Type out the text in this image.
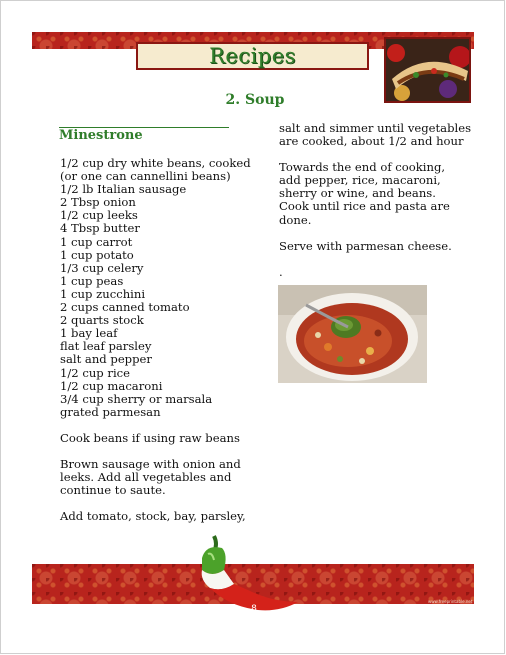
Recipes
2. Soup
Minestrone
1/2 cup dry white beans, cooked
(or one can cannellini beans)
1/2 lb Italian sausage
2 Tbsp onion
1/2 cup leeks
4 Tbsp butter
1 cup carrot
1 cup potato
1/3 cup celery
1 cup peas
1 cup zucchini
2 cups canned tomato
2 quarts stock
1 bay leaf
flat leaf parsley
salt and pepper
1/2 cup rice
1/2 cup macaroni
3/4 cup sherry or marsala
grated parmesan
Cook beans if using raw beans
Brown sausage with onion and
leeks. Add all vegetables and
continue to saute.
Add tomato, stock, bay, parsley,
salt and simmer until vegetables
are cooked, about 1/2 and hour
Towards the end of cooking,
add pepper, rice, macaroni,
sherry or wine, and beans.
Cook until rice and pasta are
done.
Serve with parmesan cheese.
.
8
www.freeprintable.net
